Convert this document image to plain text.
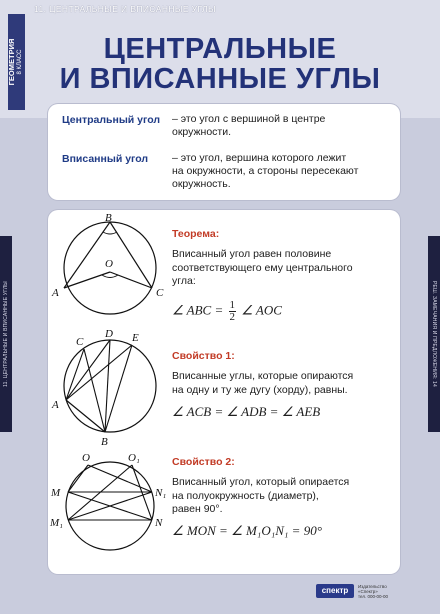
11. ЦЕНТРАЛЬНЫЕ И ВПИСАННЫЕ УГЛЫ
ГЕОМЕТРИЯ 8 КЛАСС
11. ЦЕНТРАЛЬНЫЕ И ВПИСАННЫЕ УГЛЫ	РЕШ. ЗАМЕЧАНИЯ И ПРЕДЛОЖЕНИЯ: 14
ЦЕНТРАЛЬНЫЕ
И ВПИСАННЫЕ УГЛЫ
Центральный угол – это угол с вершиной в центре
окружности.
Вписанный угол – это угол, вершина которого лежит
на окружности, а стороны пересекают
окружность.
B
O
A	C
Теорема:
Вписанный угол равен половине
соответствующего ему центрального
угла:
∠ ABC = $\frac{1}{2}$ ∠ AOC
C
D E
A
B
Свойство 1:
Вписанные углы, которые опираются
на одну и ту же дугу (хорду), равны.
∠ ACB = ∠ ADB = ∠ AEB
O	O₁
M	N₁
M₁	N
Свойство 2:
Вписанный угол, который опирается
на полуокружность (диаметр),
равен 90°.
∠ MON = ∠ M₁O₁N₁ = 90°
спектр	Издательство
«Спектр»
тел. 000-00-00
